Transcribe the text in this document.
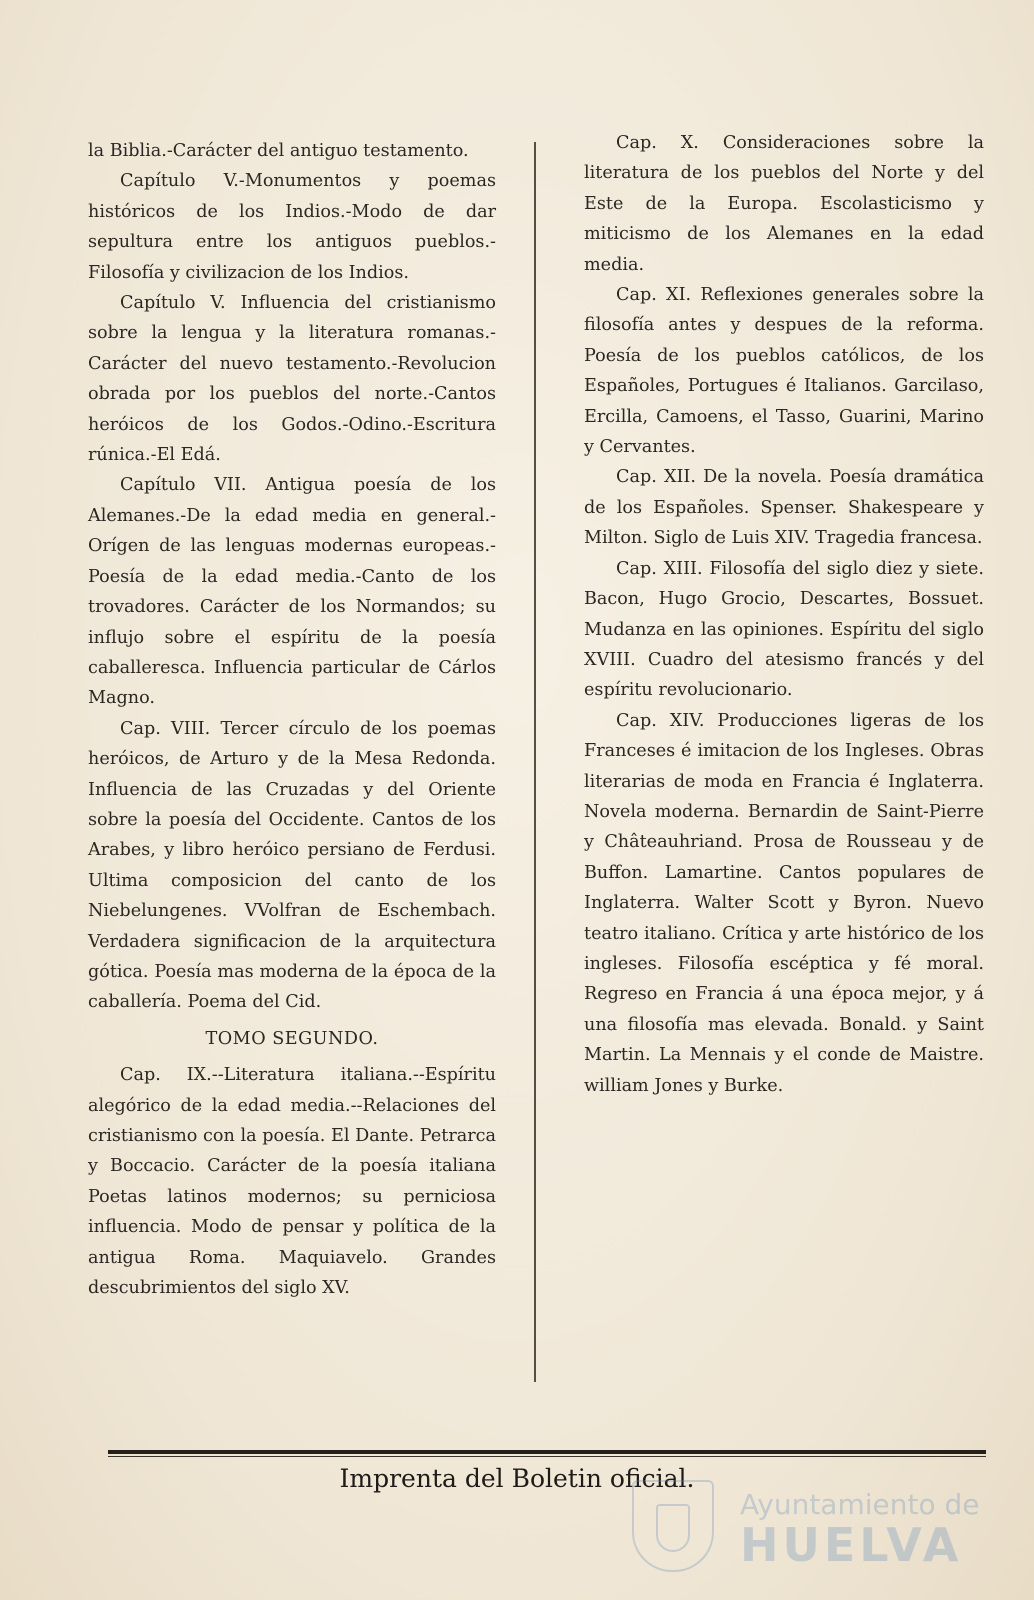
la Biblia.-Carácter del antiguo testamento.

Capítulo V.-Monumentos y poemas históricos de los Indios.-Modo de dar sepultura entre los antiguos pueblos.-Filosofía y civilizacion de los Indios.

Capítulo V. Influencia del cristianismo sobre la lengua y la literatura romanas.-Carácter del nuevo testamento.-Revolucion obrada por los pueblos del norte.-Cantos heróicos de los Godos.-Odino.-Escritura rúnica.-El Edá.

Capítulo VII. Antigua poesía de los Alemanes.-De la edad media en general.-Orígen de las lenguas modernas europeas.-Poesía de la edad media.-Canto de los trovadores. Carácter de los Normandos; su influjo sobre el espíritu de la poesía caballeresca. Influencia particular de Cárlos Magno.

Cap. VIII. Tercer círculo de los poemas heróicos, de Arturo y de la Mesa Redonda. Influencia de las Cruzadas y del Oriente sobre la poesía del Occidente. Cantos de los Arabes, y libro heróico persiano de Ferdusi. Ultima composicion del canto de los Niebelungenes. VVolfran de Eschembach. Verdadera significacion de la arquitectura gótica. Poesía mas moderna de la época de la caballería. Poema del Cid.

TOMO SEGUNDO.

Cap. IX.--Literatura italiana.--Espíritu alegórico de la edad media.--Relaciones del cristianismo con la poesía. El Dante. Petrarca y Boccacio. Carácter de la poesía italiana Poetas latinos modernos; su perniciosa influencia. Modo de pensar y política de la antigua Roma. Maquiavelo. Grandes descubrimientos del siglo XV.

Cap. X. Consideraciones sobre la literatura de los pueblos del Norte y del Este de la Europa. Escolasticismo y miticismo de los Alemanes en la edad media.

Cap. XI. Reflexiones generales sobre la filosofía antes y despues de la reforma. Poesía de los pueblos católicos, de los Españoles, Portugues é Italianos. Garcilaso, Ercilla, Camoens, el Tasso, Guarini, Marino y Cervantes.

Cap. XII. De la novela. Poesía dramática de los Españoles. Spenser. Shakespeare y Milton. Siglo de Luis XIV. Tragedia francesa.

Cap. XIII. Filosofía del siglo diez y siete. Bacon, Hugo Grocio, Descartes, Bossuet. Mudanza en las opiniones. Espíritu del siglo XVIII. Cuadro del atesismo francés y del espíritu revolucionario.

Cap. XIV. Producciones ligeras de los Franceses é imitacion de los Ingleses. Obras literarias de moda en Francia é Inglaterra. Novela moderna. Bernardin de Saint-Pierre y Châteauhriand. Prosa de Rousseau y de Buffon. Lamartine. Cantos populares de Inglaterra. Walter Scott y Byron. Nuevo teatro italiano. Crítica y arte histórico de los ingleses. Filosofía escéptica y fé moral. Regreso en Francia á una época mejor, y á una filosofía mas elevada. Bonald. y Saint Martin. La Mennais y el conde de Maistre. william Jones y Burke.

Imprenta del Boletin oficial.
Ayuntamiento de
HUELVA
